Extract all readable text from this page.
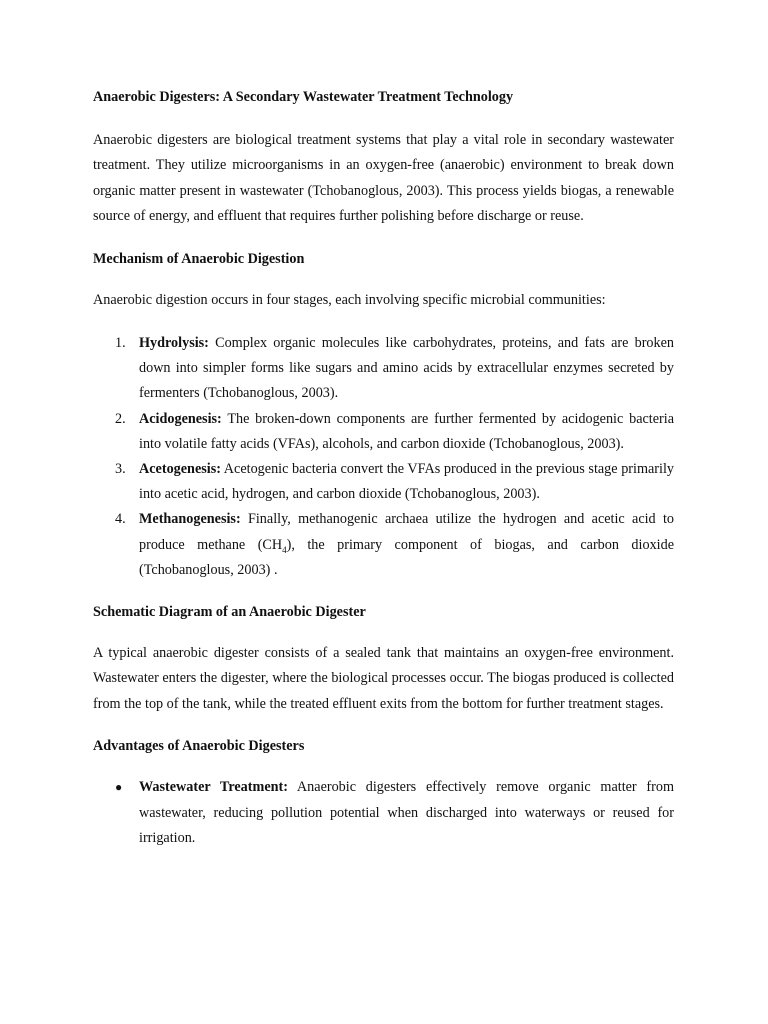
Anaerobic Digesters: A Secondary Wastewater Treatment Technology

Anaerobic digesters are biological treatment systems that play a vital role in secondary wastewater treatment. They utilize microorganisms in an oxygen-free (anaerobic) environment to break down organic matter present in wastewater (Tchobanoglous, 2003). This process yields biogas, a renewable source of energy, and effluent that requires further polishing before discharge or reuse.

Mechanism of Anaerobic Digestion

Anaerobic digestion occurs in four stages, each involving specific microbial communities:

1. Hydrolysis: Complex organic molecules like carbohydrates, proteins, and fats are broken down into simpler forms like sugars and amino acids by extracellular enzymes secreted by fermenters (Tchobanoglous, 2003).
2. Acidogenesis: The broken-down components are further fermented by acidogenic bacteria into volatile fatty acids (VFAs), alcohols, and carbon dioxide (Tchobanoglous, 2003).
3. Acetogenesis: Acetogenic bacteria convert the VFAs produced in the previous stage primarily into acetic acid, hydrogen, and carbon dioxide (Tchobanoglous, 2003).
4. Methanogenesis: Finally, methanogenic archaea utilize the hydrogen and acetic acid to produce methane $(CH_4)$, the primary component of biogas, and carbon dioxide (Tchobanoglous, 2003) .

Schematic Diagram of an Anaerobic Digester

A typical anaerobic digester consists of a sealed tank that maintains an oxygen-free environment. Wastewater enters the digester, where the biological processes occur. The biogas produced is collected from the top of the tank, while the treated effluent exits from the bottom for further treatment stages.

Advantages of Anaerobic Digesters

● Wastewater Treatment: Anaerobic digesters effectively remove organic matter from wastewater, reducing pollution potential when discharged into waterways or reused for irrigation.
